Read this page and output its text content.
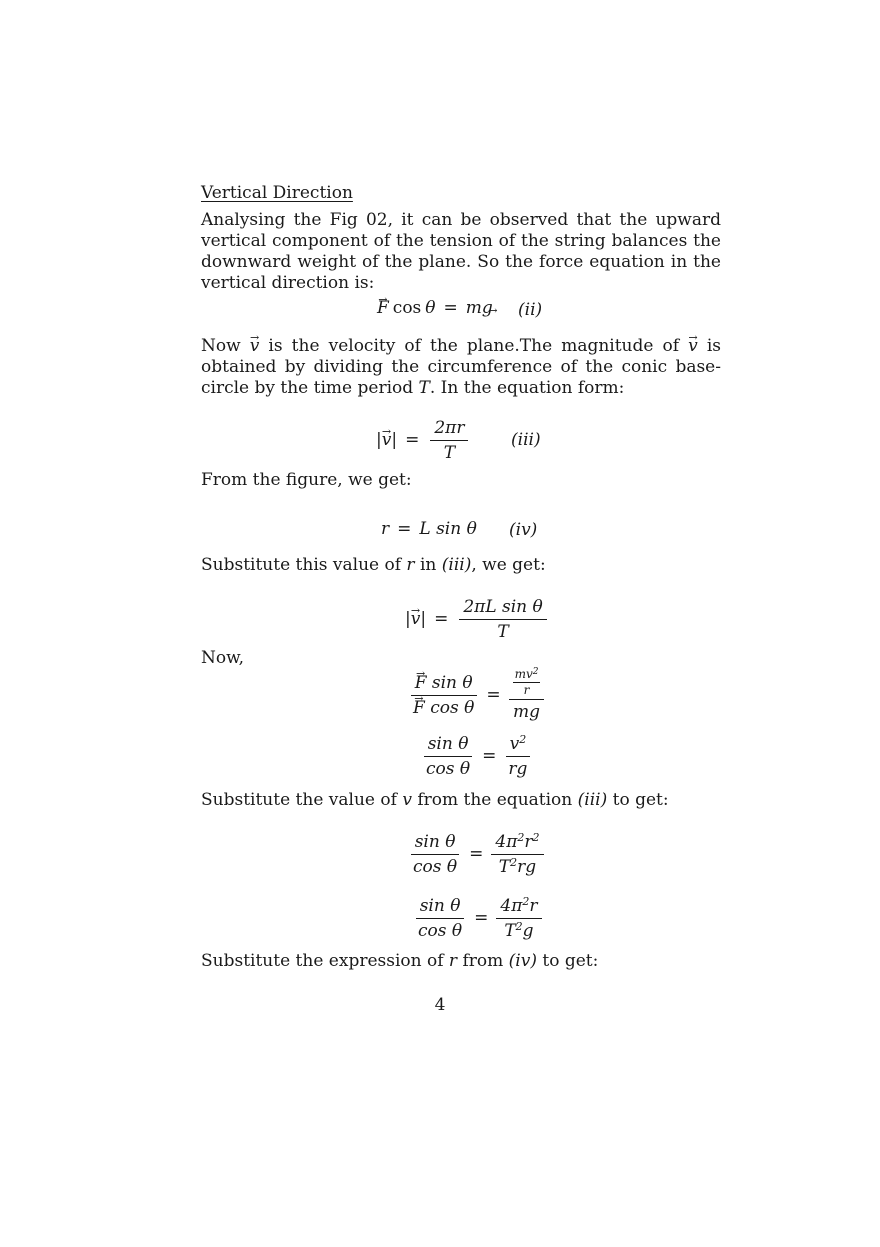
Vertical Direction
Analysing the Fig 02, it can be observed that the upward vertical component of the tension of the string balances the downward weight of the plane. So the force equation in the vertical direction is:
→ F cos θ = mg (ii)
Now → v is the velocity of the plane.The magnitude of → v is obtained by dividing the circumference of the conic base-circle by the time period T. In the equation form:
| → v | = $\frac{2\pi r}{T}$	(iii)
From the figure, we get:
r = L sin θ (iv)
Substitute this value of r in (iii), we get:
| → v | = $\frac{\text{2πL sin θ}}{T}$
Now,
→ F sin θ
→ F $\cos \theta = \frac{\frac{mv^2}{r}}{mg}$
$\frac{\text{sin θ}}{\text{cos θ}} = \frac{v^2}{rg}$
Substitute the value of v from the equation (iii) to get:
$\frac{\text{sin θ}}{\text{cos θ}} = \frac{4\pi^2r^2}{T^2rg}$
$\frac{\text{sin θ}}{\text{cos θ}} = \frac{4\pi^2r}{T^2g}$
Substitute the expression of r from (iv) to get:
4
